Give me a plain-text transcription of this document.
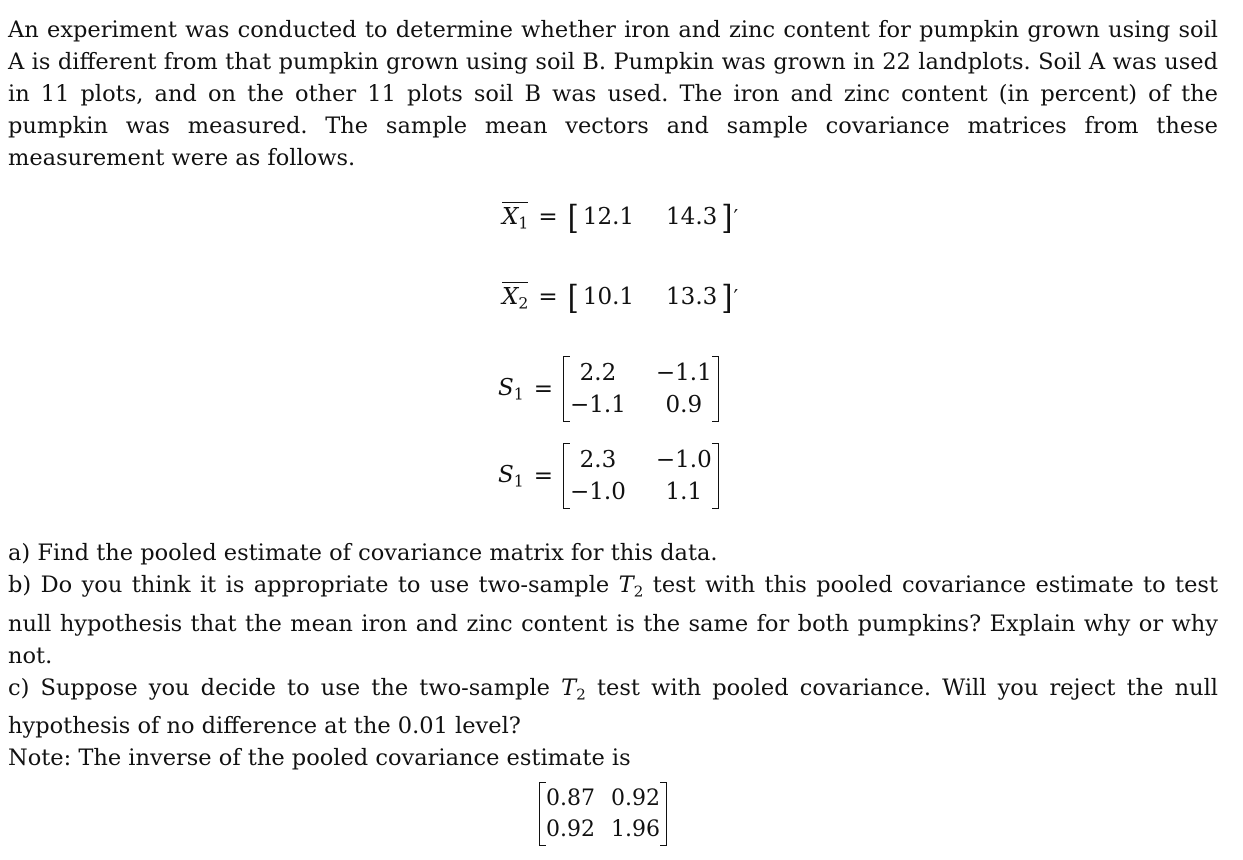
An experiment was conducted to determine whether iron and zinc content for pumpkin grown using soil A is different from that pumpkin grown using soil B. Pumpkin was grown in 22 landplots. Soil A was used in 11 plots, and on the other 11 plots soil B was used. The iron and zinc content (in percent) of the pumpkin was measured. The sample mean vectors and sample covariance matrices from these measurement were as follows.
$X_1$ = [ 12.1 14.3 ] ′
$X_2$ = [ 10.1 13.3 ] ′
$S_1$ =
2.2	−1.1
−1.1	0.9
$S_1$ =
2.3	−1.0
−1.0	1.1

a) Find the pooled estimate of covariance matrix for this data.

b) Do you think it is appropriate to use two-sample $T_2$ test with this pooled covariance estimate to test null hypothesis that the mean iron and zinc content is the same for both pumpkins? Explain why or why not.

c) Suppose you decide to use the two-sample $T_2$ test with pooled covariance. Will you reject the null hypothesis of no difference at the 0.01 level?

Note: The inverse of the pooled covariance estimate is

0.87 0.92
0.92 1.96
